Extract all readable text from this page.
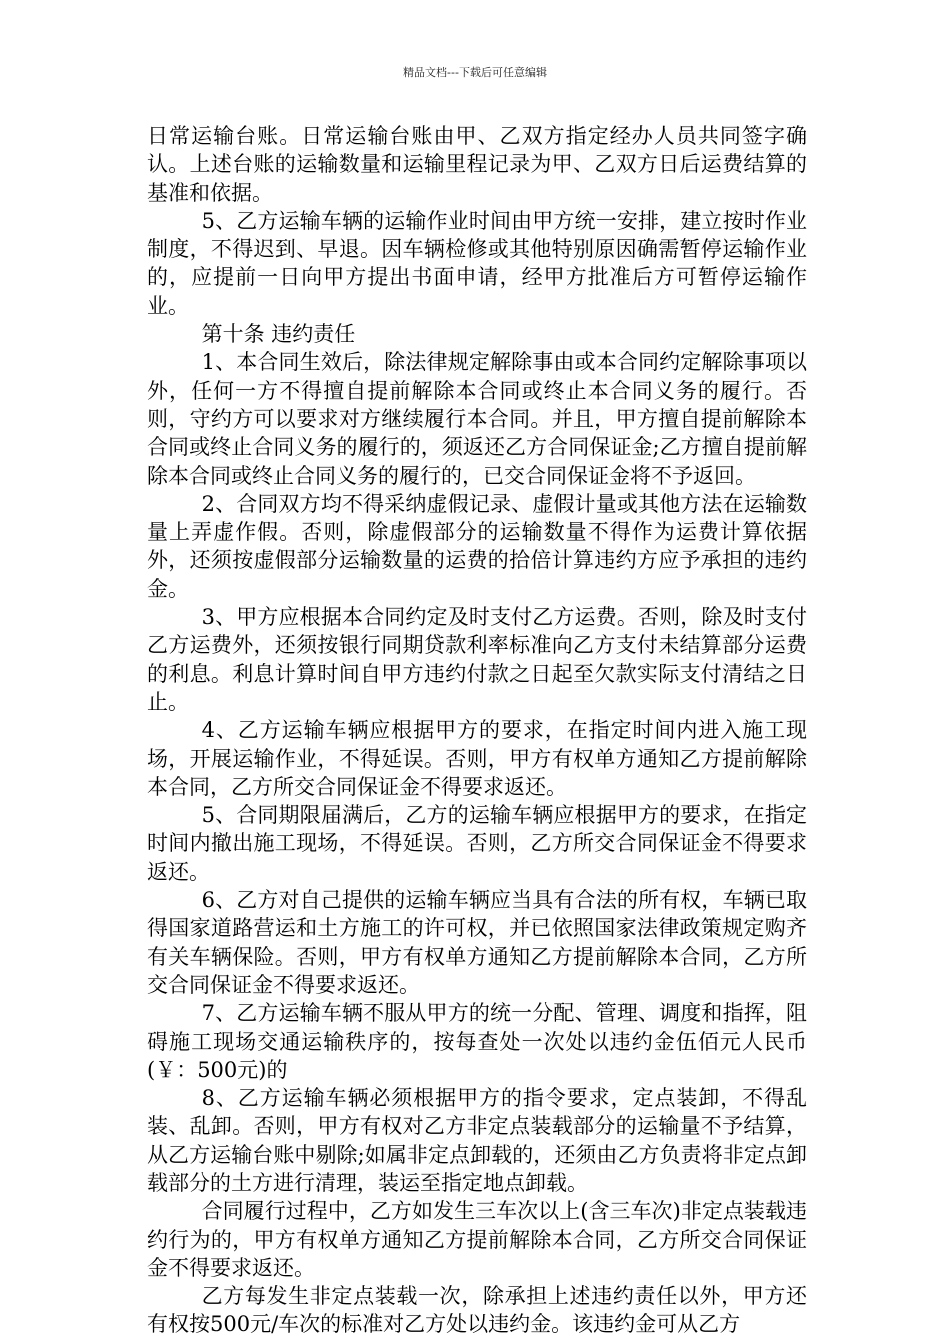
精品文档---下载后可任意编辑

日常运输台账。日常运输台账由甲、乙双方指定经办人员共同签字确认。上述台账的运输数量和运输里程记录为甲、乙双方日后运费结算的基准和依据。

5、乙方运输车辆的运输作业时间由甲方统一安排，建立按时作业制度，不得迟到、早退。因车辆检修或其他特别原因确需暂停运输作业的，应提前一日向甲方提出书面申请，经甲方批准后方可暂停运输作业。

第十条 违约责任

1、本合同生效后，除法律规定解除事由或本合同约定解除事项以外，任何一方不得擅自提前解除本合同或终止本合同义务的履行。否则，守约方可以要求对方继续履行本合同。并且，甲方擅自提前解除本合同或终止合同义务的履行的，须返还乙方合同保证金;乙方擅自提前解除本合同或终止合同义务的履行的，已交合同保证金将不予返回。

2、合同双方均不得采纳虚假记录、虚假计量或其他方法在运输数量上弄虚作假。否则，除虚假部分的运输数量不得作为运费计算依据外，还须按虚假部分运输数量的运费的拾倍计算违约方应予承担的违约金。

3、甲方应根据本合同约定及时支付乙方运费。否则，除及时支付乙方运费外，还须按银行同期贷款利率标准向乙方支付未结算部分运费的利息。利息计算时间自甲方违约付款之日起至欠款实际支付清结之日止。

4、乙方运输车辆应根据甲方的要求，在指定时间内进入施工现场，开展运输作业，不得延误。否则，甲方有权单方通知乙方提前解除本合同，乙方所交合同保证金不得要求返还。

5、合同期限届满后，乙方的运输车辆应根据甲方的要求，在指定时间内撤出施工现场，不得延误。否则，乙方所交合同保证金不得要求返还。

6、乙方对自己提供的运输车辆应当具有合法的所有权，车辆已取得国家道路营运和土方施工的许可权，并已依照国家法律政策规定购齐有关车辆保险。否则，甲方有权单方通知乙方提前解除本合同，乙方所交合同保证金不得要求返还。

7、乙方运输车辆不服从甲方的统一分配、管理、调度和指挥，阻碍施工现场交通运输秩序的，按每查处一次处以违约金伍佰元人民币(￥：500元)的

8、乙方运输车辆必须根据甲方的指令要求，定点装卸，不得乱装、乱卸。否则，甲方有权对乙方非定点装载部分的运输量不予结算，从乙方运输台账中剔除;如属非定点卸载的，还须由乙方负责将非定点卸载部分的土方进行清理，装运至指定地点卸载。

合同履行过程中，乙方如发生三车次以上(含三车次)非定点装载违约行为的，甲方有权单方通知乙方提前解除本合同，乙方所交合同保证金不得要求返还。

乙方每发生非定点装载一次，除承担上述违约责任以外，甲方还有权按500元/车次的标准对乙方处以违约金。该违约金可从乙方
